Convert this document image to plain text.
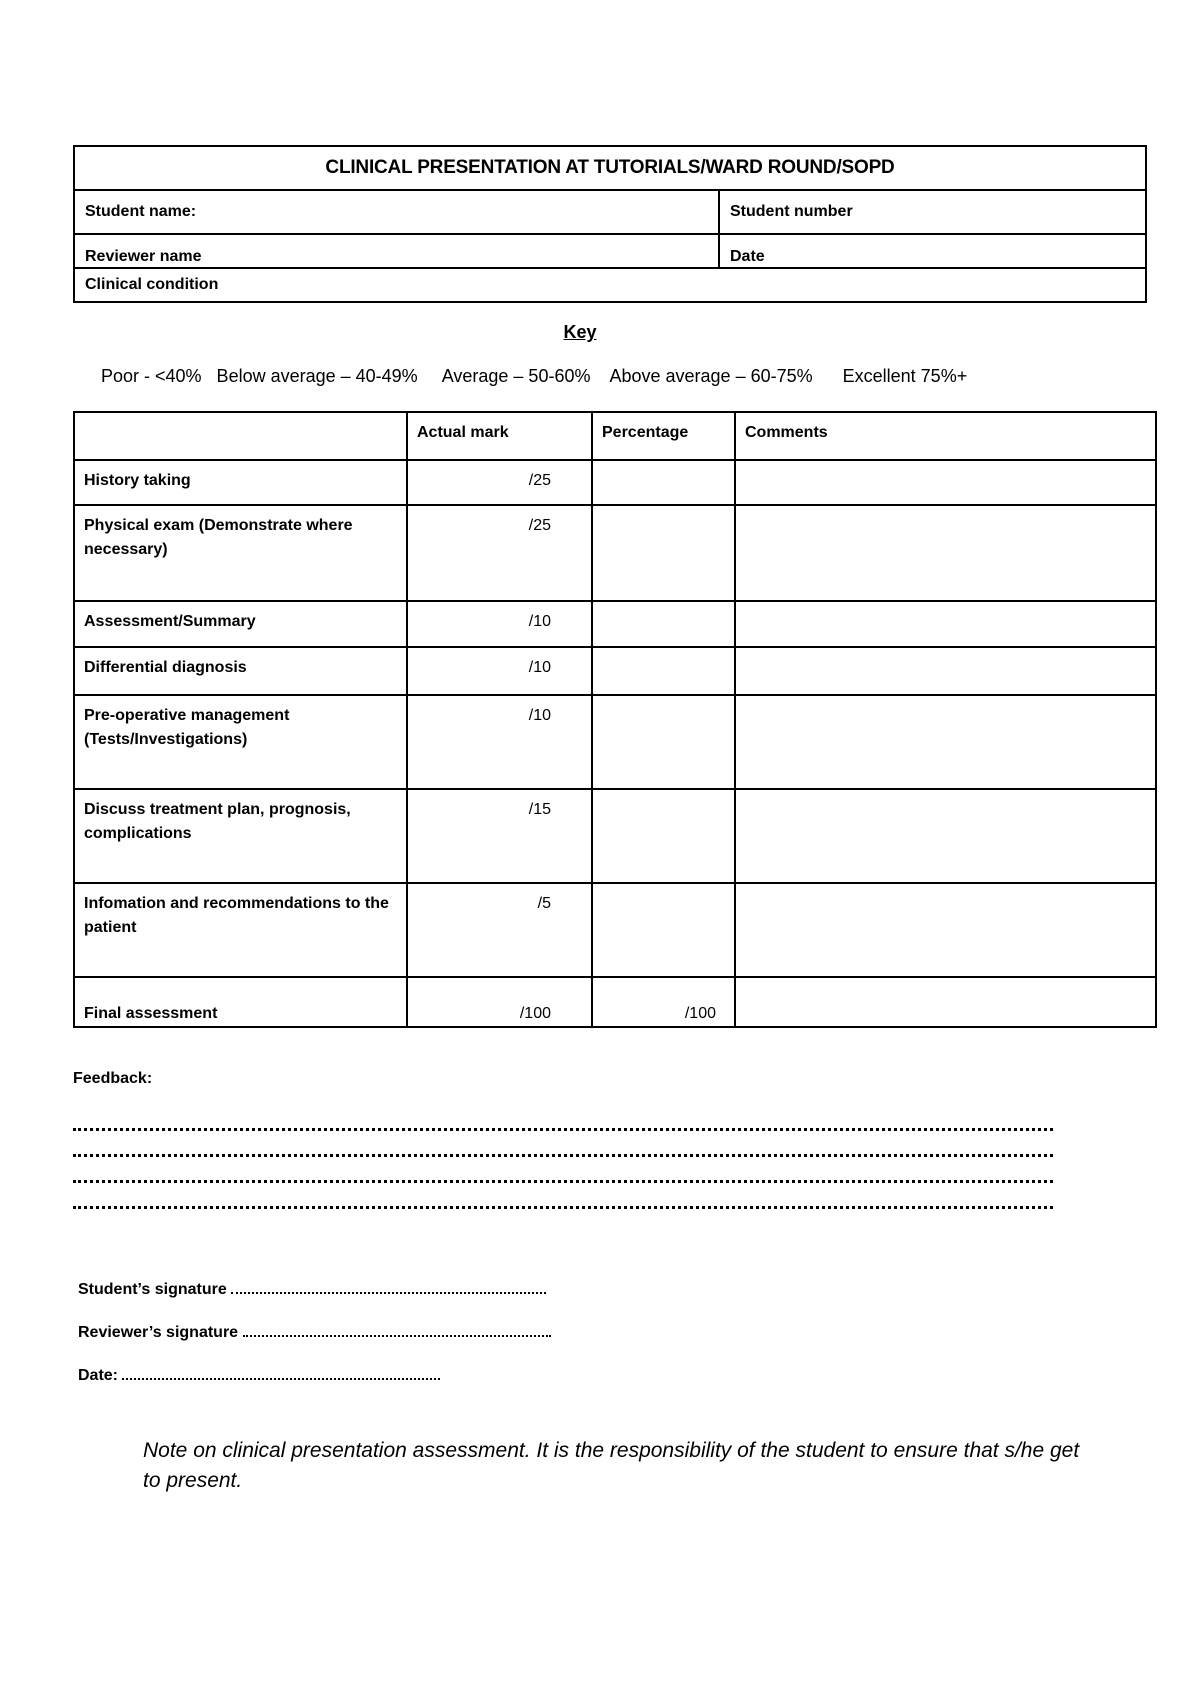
CLINICAL PRESENTATION AT TUTORIALS/WARD ROUND/SOPD
Student name:	Student number
Reviewer name	Date
Clinical condition
Key
Poor - <40%   Below average – 40-49%     Average – 50-60%    Above average – 60-75%      Excellent 75%+
	Actual mark	Percentage	Comments
History taking	/25		
Physical exam (Demonstrate where necessary)	/25		
Assessment/Summary	/10		
Differential diagnosis	/10		
Pre-operative management (Tests/Investigations)	/10		
Discuss treatment plan, prognosis, complications	/15		
Infomation and recommendations to the patient	/5		
Final assessment	/100	/100	
Feedback:
Student’s signature
Reviewer’s signature
Date:
Note on clinical presentation assessment. It is the responsibility of the student to ensure that s/he get to present.
